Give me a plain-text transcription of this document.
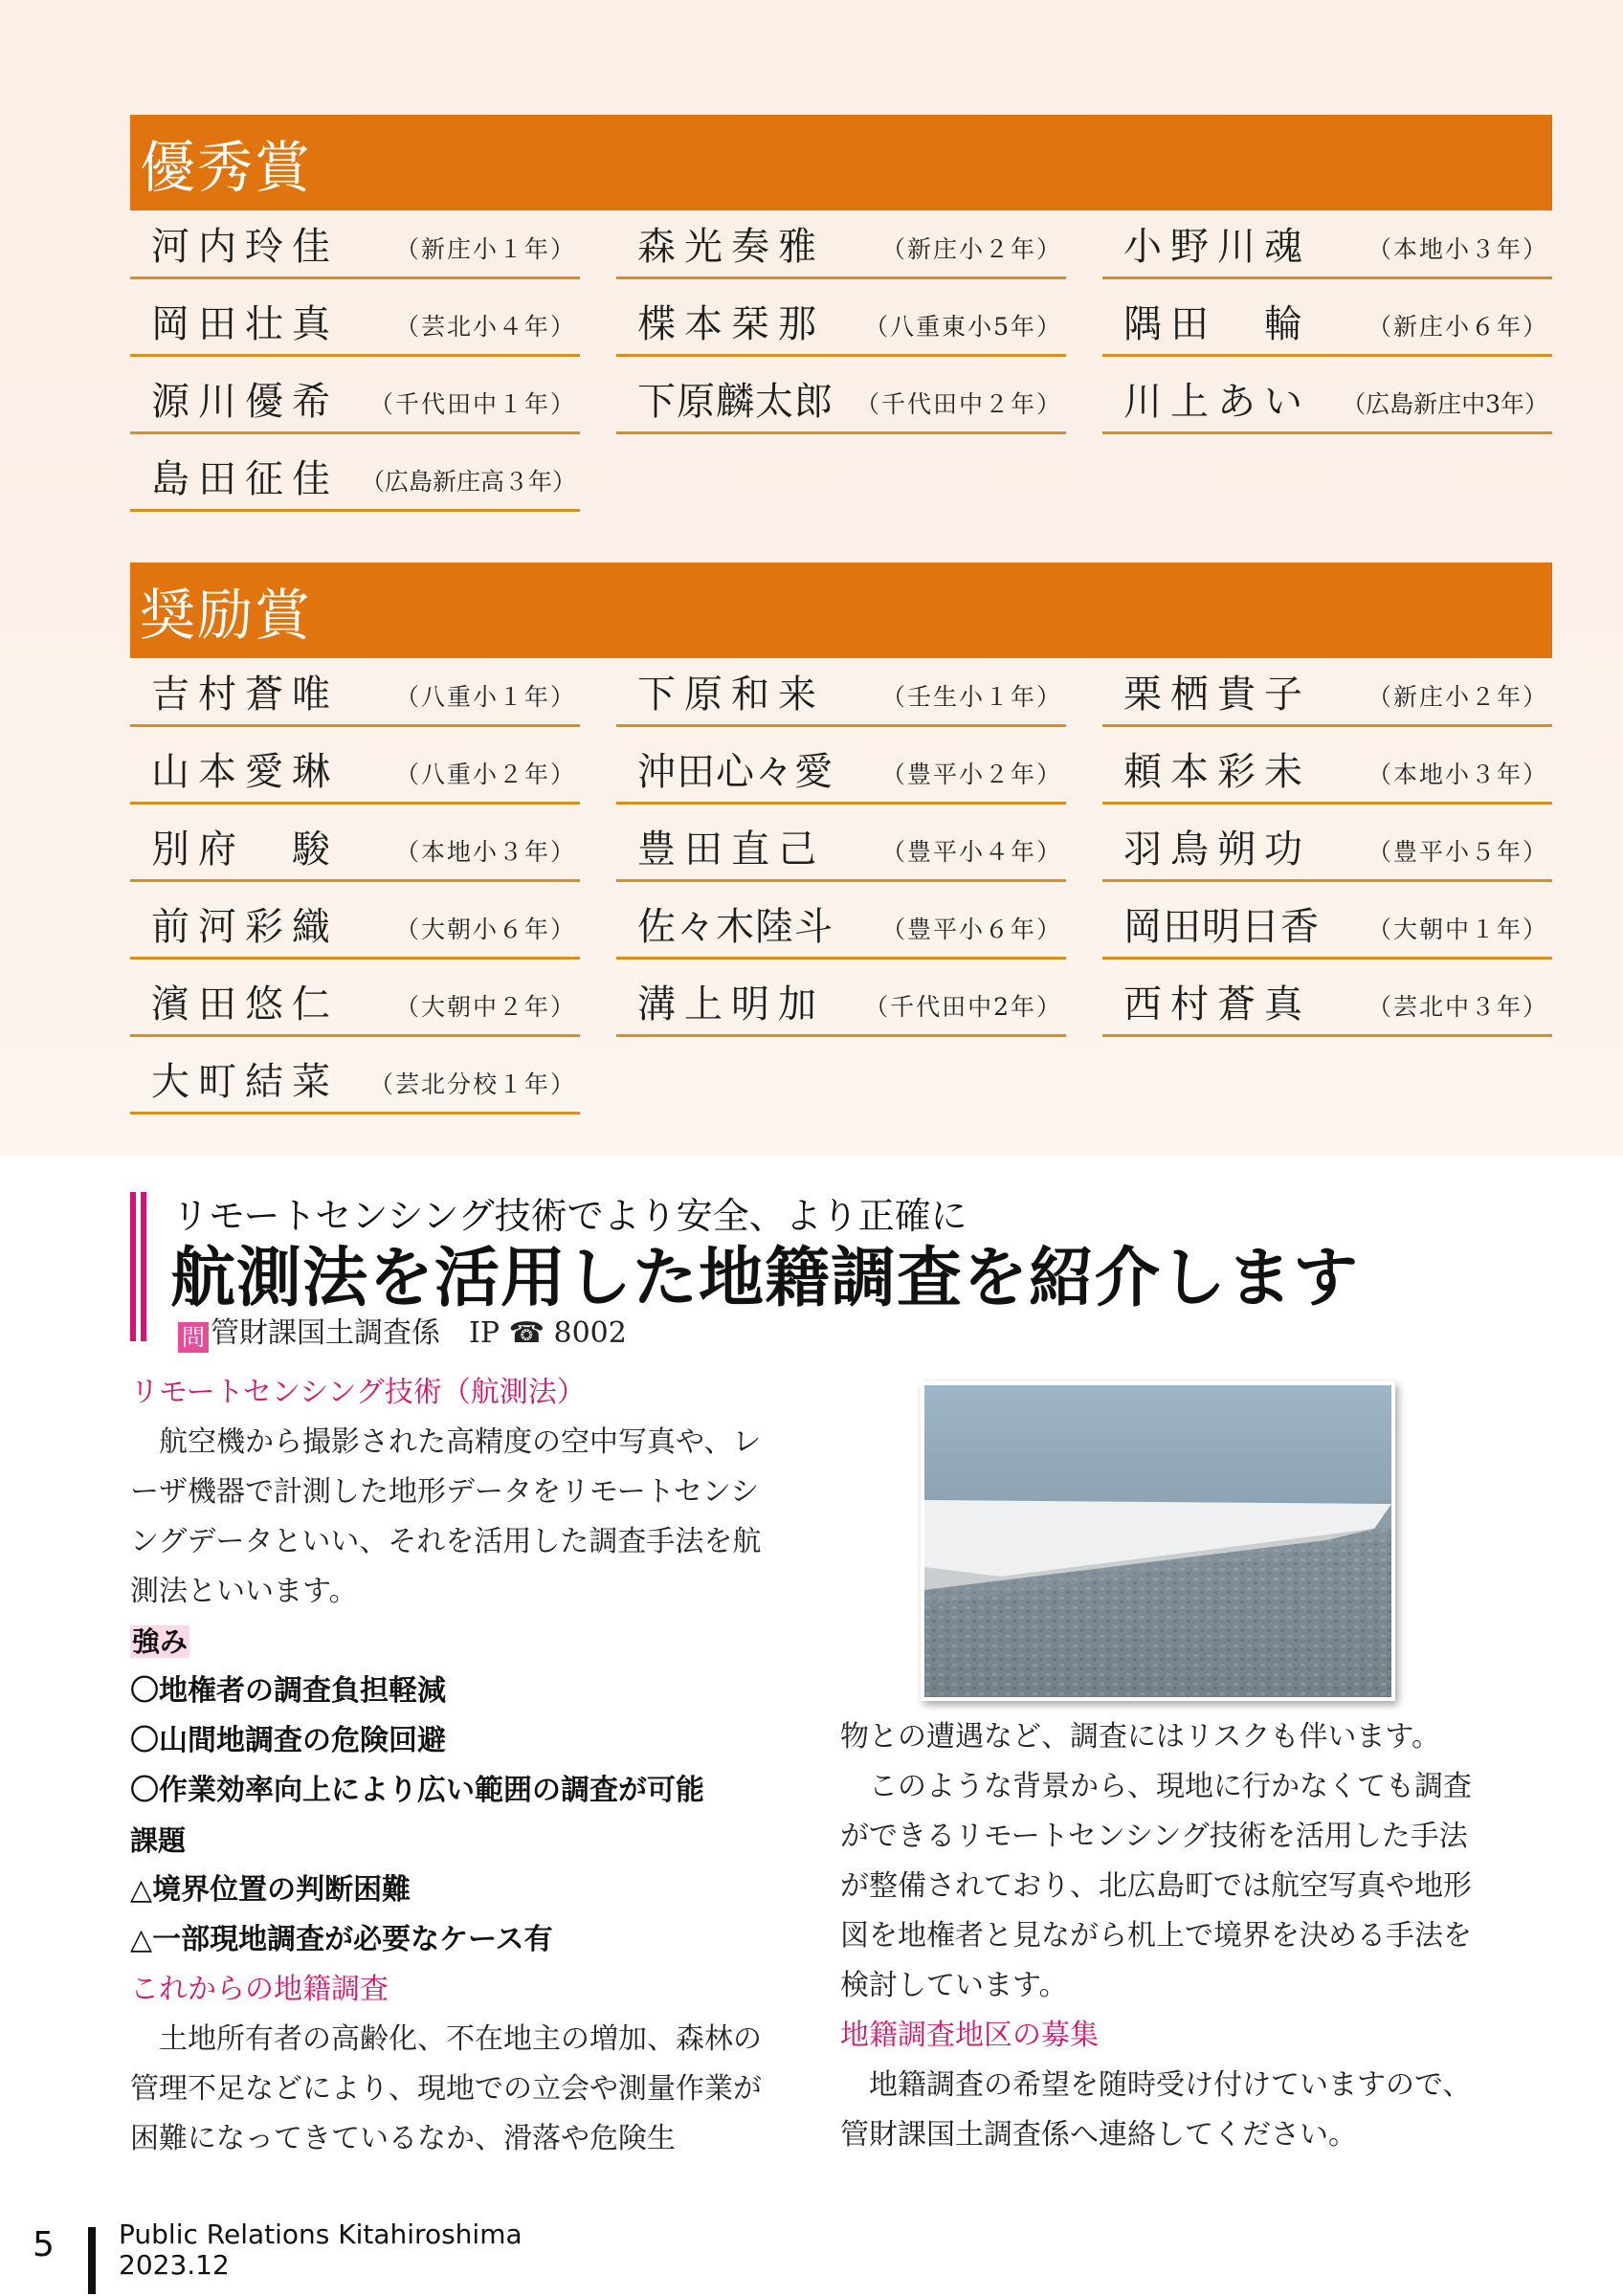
優秀賞
河内玲佳 （新庄小１年） 森光奏雅 （新庄小２年） 小野川魂 （本地小３年）
岡田壮真 （芸北小４年） 楪本栞那 （八重東小5年） 隅田　輪 （新庄小６年）
源川優希 （千代田中１年） 下原麟太郎 （千代田中２年） 川上あい （広島新庄中3年）
島田征佳 （広島新庄高３年）
奨励賞
吉村蒼唯 （八重小１年） 下原和来 （壬生小１年） 栗栖貴子 （新庄小２年）
山本愛琳 （八重小２年） 沖田心々愛 （豊平小２年） 頼本彩未 （本地小３年）
別府　駿 （本地小３年） 豊田直己 （豊平小４年） 羽鳥朔功 （豊平小５年）
前河彩織 （大朝小６年） 佐々木陸斗 （豊平小６年） 岡田明日香 （大朝中１年）
濱田悠仁 （大朝中２年） 溝上明加 （千代田中2年） 西村蒼真 （芸北中３年）
大町結菜 （芸北分校１年）
リモートセンシング技術でより安全、より正確に
航測法を活用した地籍調査を紹介します
問 管財課国土調査係　IP ☎ 8002
リモートセンシング技術（航測法）
航空機から撮影された高精度の空中写真や、レーザ機器で計測した地形データをリモートセンシングデータといい、それを活用した調査手法を航測法といいます。
強み
〇地権者の調査負担軽減
〇山間地調査の危険回避
〇作業効率向上により広い範囲の調査が可能
課題
△境界位置の判断困難
△一部現地調査が必要なケース有
これからの地籍調査
土地所有者の高齢化、不在地主の増加、森林の管理不足などにより、現地での立会や測量作業が困難になってきているなか、滑落や危険生
物との遭遇など、調査にはリスクも伴います。
このような背景から、現地に行かなくても調査ができるリモートセンシング技術を活用した手法が整備されており、北広島町では航空写真や地形図を地権者と見ながら机上で境界を決める手法を検討しています。
地籍調査地区の募集
地籍調査の希望を随時受け付けていますので、管財課国土調査係へ連絡してください。
5 Public Relations Kitahiroshima
2023.12
